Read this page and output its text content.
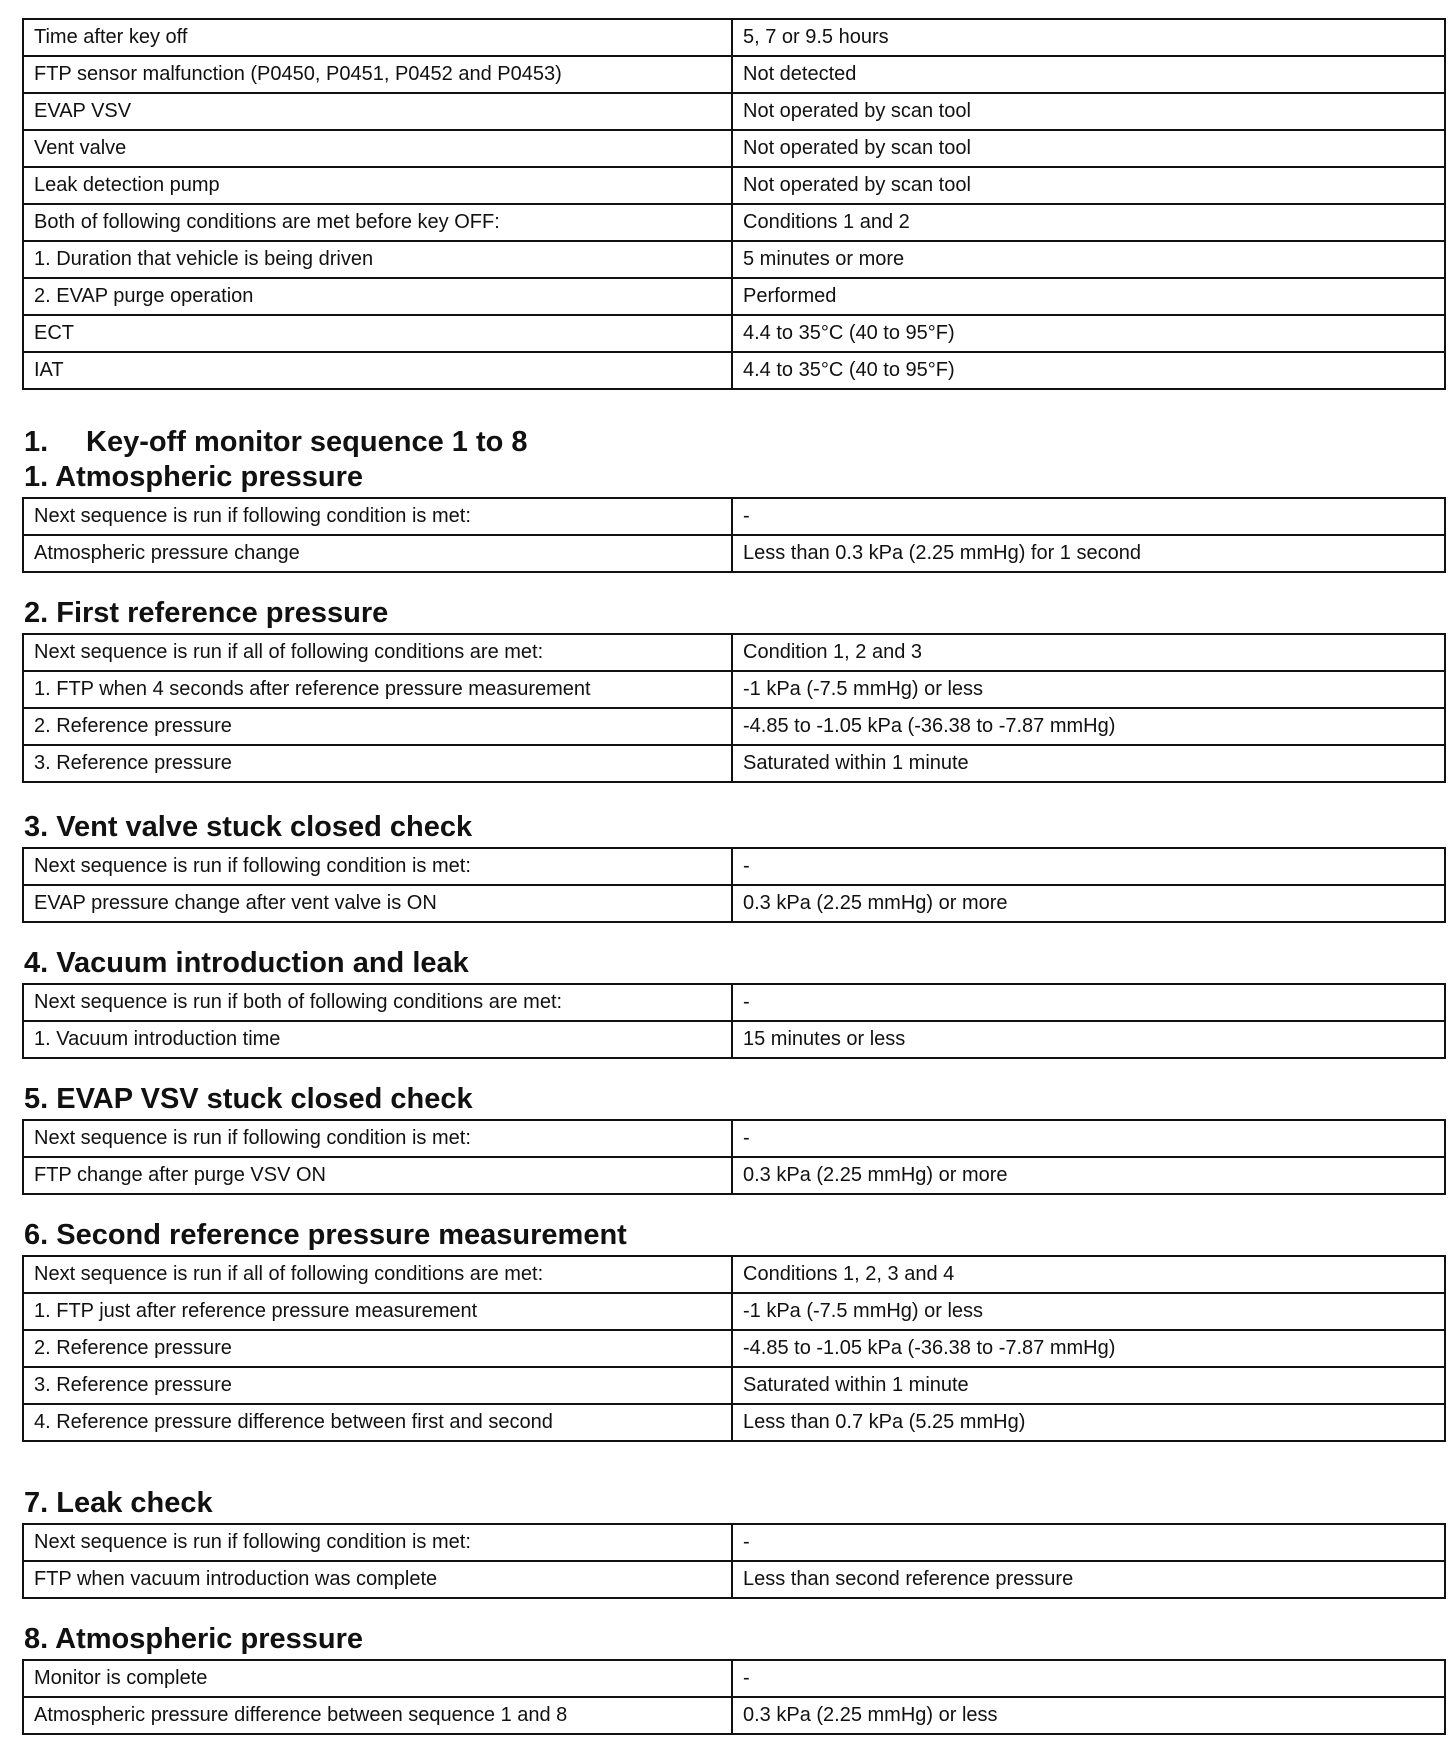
Time after key off	5, 7 or 9.5 hours
FTP sensor malfunction (P0450, P0451, P0452 and P0453)	Not detected
EVAP VSV	Not operated by scan tool
Vent valve	Not operated by scan tool
Leak detection pump	Not operated by scan tool
Both of following conditions are met before key OFF:	Conditions 1 and 2
1. Duration that vehicle is being driven	5 minutes or more
2. EVAP purge operation	Performed
ECT	4.4 to 35°C (40 to 95°F)
IAT	4.4 to 35°C (40 to 95°F)
1. Key-off monitor sequence 1 to 8
1. Atmospheric pressure
Next sequence is run if following condition is met:	-
Atmospheric pressure change	Less than 0.3 kPa (2.25 mmHg) for 1 second
2. First reference pressure
Next sequence is run if all of following conditions are met:	Condition 1, 2 and 3
1. FTP when 4 seconds after reference pressure measurement	-1 kPa (-7.5 mmHg) or less
2. Reference pressure	-4.85 to -1.05 kPa (-36.38 to -7.87 mmHg)
3. Reference pressure	Saturated within 1 minute
3. Vent valve stuck closed check
Next sequence is run if following condition is met:	-
EVAP pressure change after vent valve is ON	0.3 kPa (2.25 mmHg) or more
4. Vacuum introduction and leak
Next sequence is run if both of following conditions are met:	-
1. Vacuum introduction time	15 minutes or less
5. EVAP VSV stuck closed check
Next sequence is run if following condition is met:	-
FTP change after purge VSV ON	0.3 kPa (2.25 mmHg) or more
6. Second reference pressure measurement
Next sequence is run if all of following conditions are met:	Conditions 1, 2, 3 and 4
1. FTP just after reference pressure measurement	-1 kPa (-7.5 mmHg) or less
2. Reference pressure	-4.85 to -1.05 kPa (-36.38 to -7.87 mmHg)
3. Reference pressure	Saturated within 1 minute
4. Reference pressure difference between first and second	Less than 0.7 kPa (5.25 mmHg)
7. Leak check
Next sequence is run if following condition is met:	-
FTP when vacuum introduction was complete	Less than second reference pressure
8. Atmospheric pressure
Monitor is complete	-
Atmospheric pressure difference between sequence 1 and 8	0.3 kPa (2.25 mmHg) or less
